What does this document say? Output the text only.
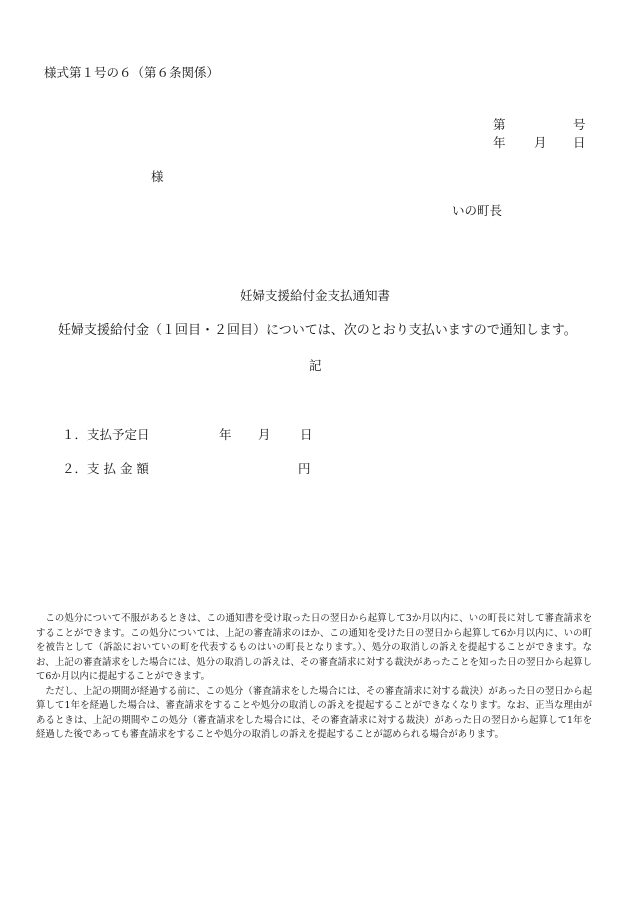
様式第１号の６（第６条関係）
第	号
年 月 日
様
いの町長
妊婦支援給付金支払通知書
妊婦支援給付金（１回目・２回目）については、次のとおり支払いますので通知します。
記
１．支払予定日	年 月 日
２．支 払 金 額	円

この処分について不服があるときは、この通知書を受け取った日の翌日から起算して3か月以内に、いの町長に対して審査請求をすることができます。この処分については、上記の審査請求のほか、この通知を受けた日の翌日から起算して6か月以内に、いの町を被告として（訴訟においていの町を代表するものはいの町長となります。）、処分の取消しの訴えを提起することができます。なお、上記の審査請求をした場合には、処分の取消しの訴えは、その審査請求に対する裁決があったことを知った日の翌日から起算して6か月以内に提起することができます。

ただし、上記の期間が経過する前に、この処分（審査請求をした場合には、その審査請求に対する裁決）があった日の翌日から起算して1年を経過した場合は、審査請求をすることや処分の取消しの訴えを提起することができなくなります。なお、正当な理由があるときは、上記の期間やこの処分（審査請求をした場合には、その審査請求に対する裁決）があった日の翌日から起算して1年を経過した後であっても審査請求をすることや処分の取消しの訴えを提起することが認められる場合があります。
